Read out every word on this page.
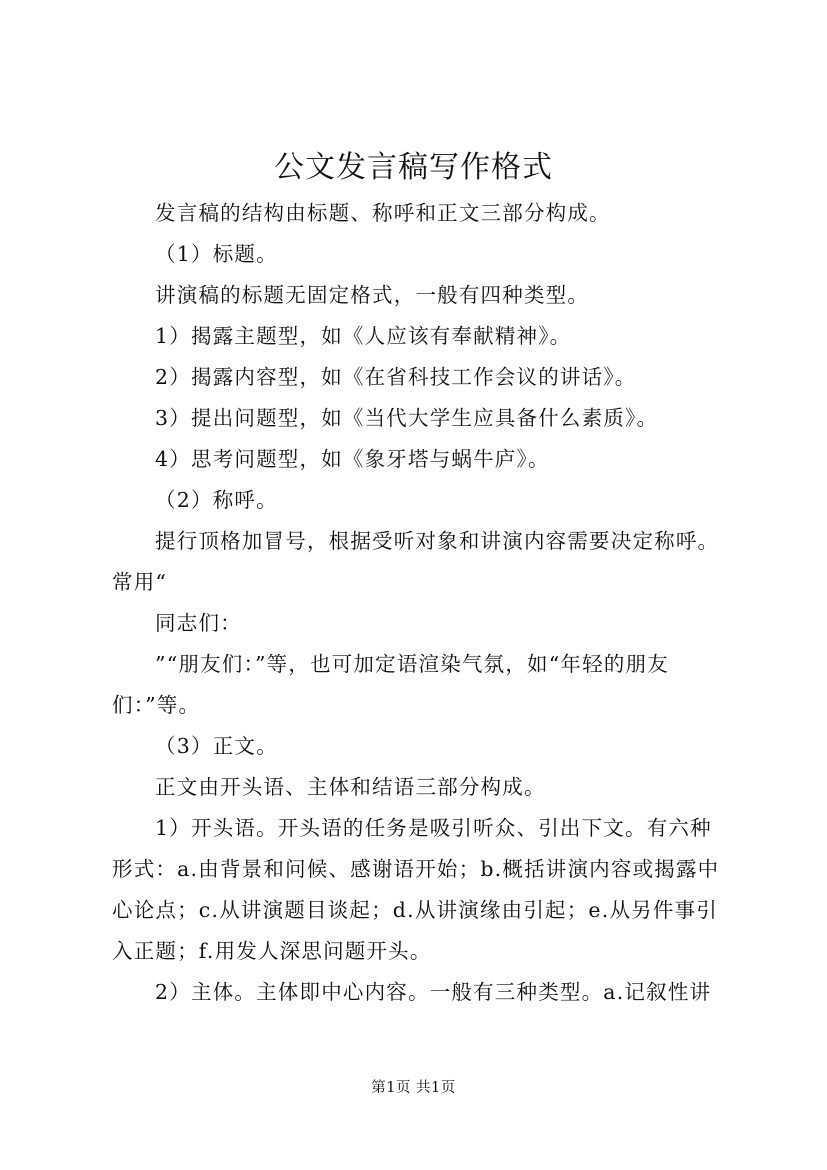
公文发言稿写作格式

发言稿的结构由标题、称呼和正文三部分构成。

（1）标题。

讲演稿的标题无固定格式，一般有四种类型。

1）揭露主题型，如《人应该有奉献精神》。

2）揭露内容型，如《在省科技工作会议的讲话》。

3）提出问题型，如《当代大学生应具备什么素质》。

4）思考问题型，如《象牙塔与蜗牛庐》。

（2）称呼。

提行顶格加冒号，根据受听对象和讲演内容需要决定称呼。常用“

同志们：

”“朋友们：”等，也可加定语渲染气氛，如“年轻的朋友们：”等。

（3）正文。

正文由开头语、主体和结语三部分构成。

1）开头语。开头语的任务是吸引听众、引出下文。有六种形式：a.由背景和问候、感谢语开始；b.概括讲演内容或揭露中心论点；c.从讲演题目谈起；d.从讲演缘由引起；e.从另件事引入正题；f.用发人深思问题开头。

2）主体。主体即中心内容。一般有三种类型。a.记叙性讲

第1页 共1页
